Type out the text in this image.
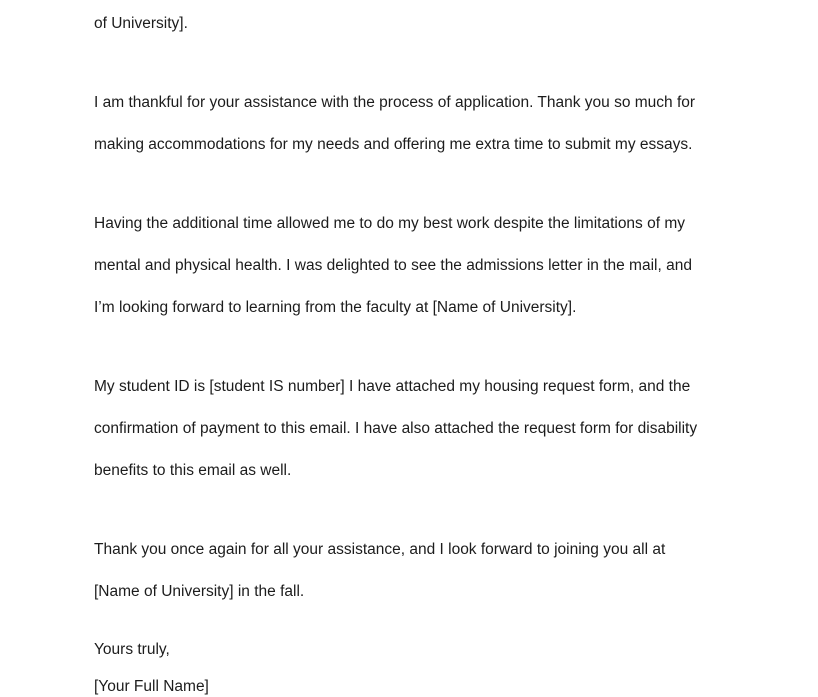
of University].

I am thankful for your assistance with the process of application. Thank you so much for

making accommodations for my needs and offering me extra time to submit my essays.

Having the additional time allowed me to do my best work despite the limitations of my

mental and physical health. I was delighted to see the admissions letter in the mail, and

I’m looking forward to learning from the faculty at [Name of University].

My student ID is [student IS number] I have attached my housing request form, and the

confirmation of payment to this email. I have also attached the request form for disability

benefits to this email as well.

Thank you once again for all your assistance, and I look forward to joining you all at

[Name of University] in the fall.

Yours truly,
[Your Full Name]
